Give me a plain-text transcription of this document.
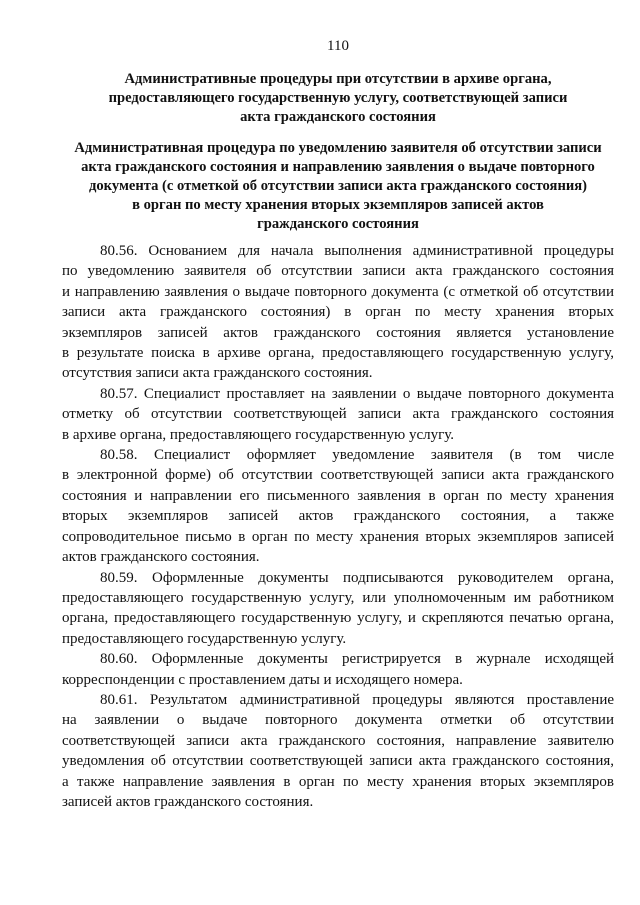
110
Административные процедуры при отсутствии в архиве органа,
предоставляющего государственную услугу, соответствующей записи
акта гражданского состояния
Административная процедура по уведомлению заявителя об отсутствии записи
акта гражданского состояния и направлению заявления о выдаче повторного
документа (с отметкой об отсутствии записи акта гражданского состояния)
в орган по месту хранения вторых экземпляров записей актов
гражданского состояния

80.56. Основанием для начала выполнения административной процедуры
по уведомлению заявителя об отсутствии записи акта гражданского состояния
и направлению заявления о выдаче повторного документа (с отметкой об отсутствии
записи акта гражданского состояния) в орган по месту хранения вторых
экземпляров записей актов гражданского состояния является установление
в результате поиска в архиве органа, предоставляющего государственную услугу,
отсутствия записи акта гражданского состояния.

80.57. Специалист проставляет на заявлении о выдаче повторного документа
отметку об отсутствии соответствующей записи акта гражданского состояния
в архиве органа, предоставляющего государственную услугу.

80.58. Специалист оформляет уведомление заявителя (в том числе
в электронной форме) об отсутствии соответствующей записи акта гражданского
состояния и направлении его письменного заявления в орган по месту хранения
вторых экземпляров записей актов гражданского состояния, а также
сопроводительное письмо в орган по месту хранения вторых экземпляров записей
актов гражданского состояния.

80.59. Оформленные документы подписываются руководителем органа,
предоставляющего государственную услугу, или уполномоченным им работником
органа, предоставляющего государственную услугу, и скрепляются печатью органа,
предоставляющего государственную услугу.

80.60. Оформленные документы регистрируется в журнале исходящей
корреспонденции с проставлением даты и исходящего номера.

80.61. Результатом административной процедуры являются проставление
на заявлении о выдаче повторного документа отметки об отсутствии
соответствующей записи акта гражданского состояния, направление заявителю
уведомления об отсутствии соответствующей записи акта гражданского состояния,
а также направление заявления в орган по месту хранения вторых экземпляров
записей актов гражданского состояния.
